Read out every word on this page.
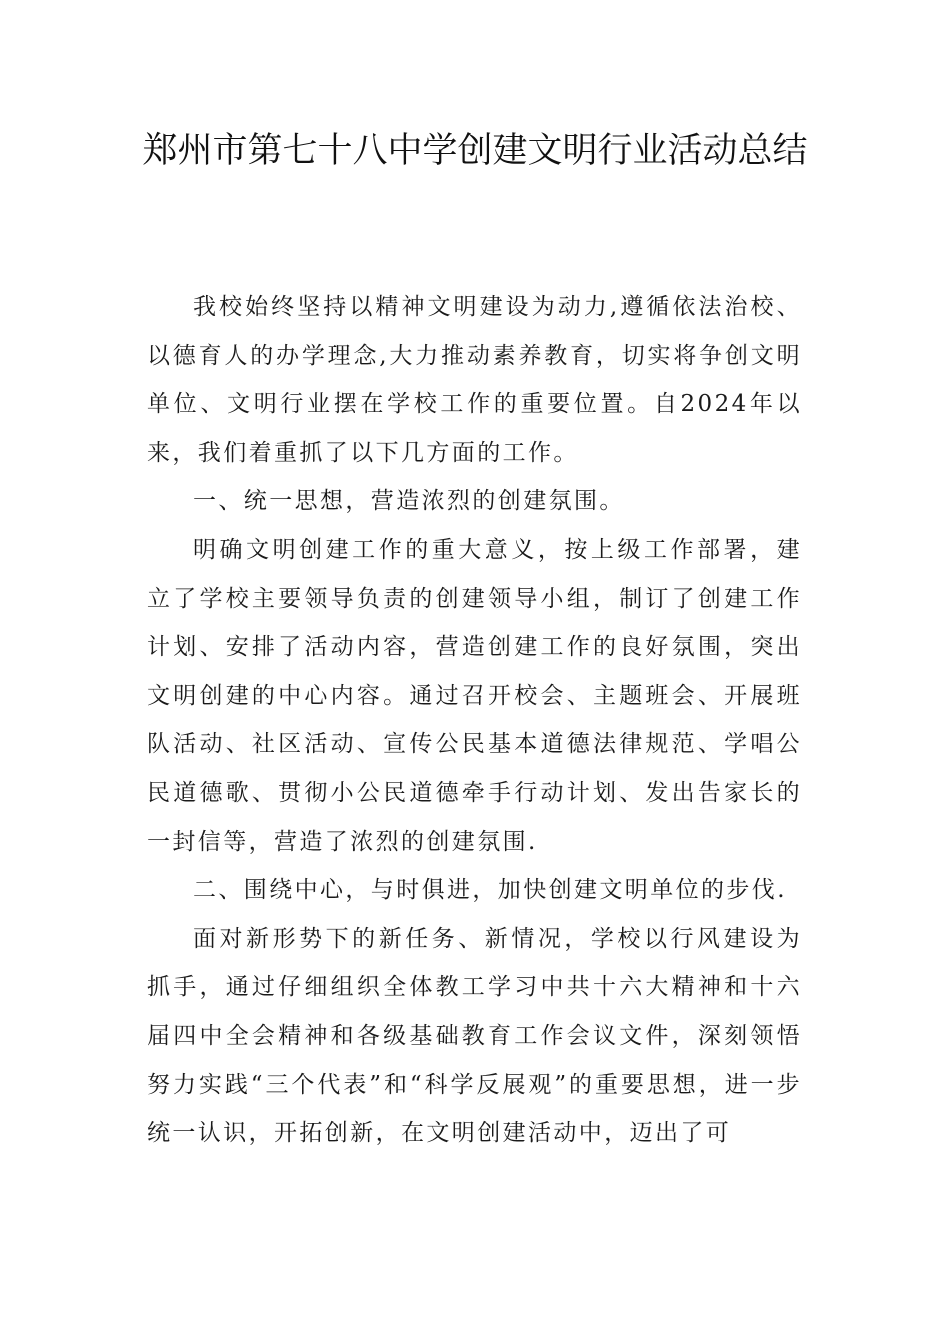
郑州市第七十八中学创建文明行业活动总结

我校始终坚持以精神文明建设为动力,遵循依法治校、以德育人的办学理念,大力推动素养教育，切实将争创文明单位、文明行业摆在学校工作的重要位置。自2024年以来，我们着重抓了以下几方面的工作。

一、统一思想，营造浓烈的创建氛围。

明确文明创建工作的重大意义，按上级工作部署，建立了学校主要领导负责的创建领导小组，制订了创建工作计划、安排了活动内容，营造创建工作的良好氛围，突出文明创建的中心内容。通过召开校会、主题班会、开展班队活动、社区活动、宣传公民基本道德法律规范、学唱公民道德歌、贯彻小公民道德牵手行动计划、发出告家长的一封信等，营造了浓烈的创建氛围.

二、围绕中心，与时俱进，加快创建文明单位的步伐.

面对新形势下的新任务、新情况，学校以行风建设为抓手，通过仔细组织全体教工学习中共十六大精神和十六届四中全会精神和各级基础教育工作会议文件，深刻领悟努力实践“三个代表”和“科学反展观”的重要思想，进一步统一认识，开拓创新，在文明创建活动中，迈出了可
